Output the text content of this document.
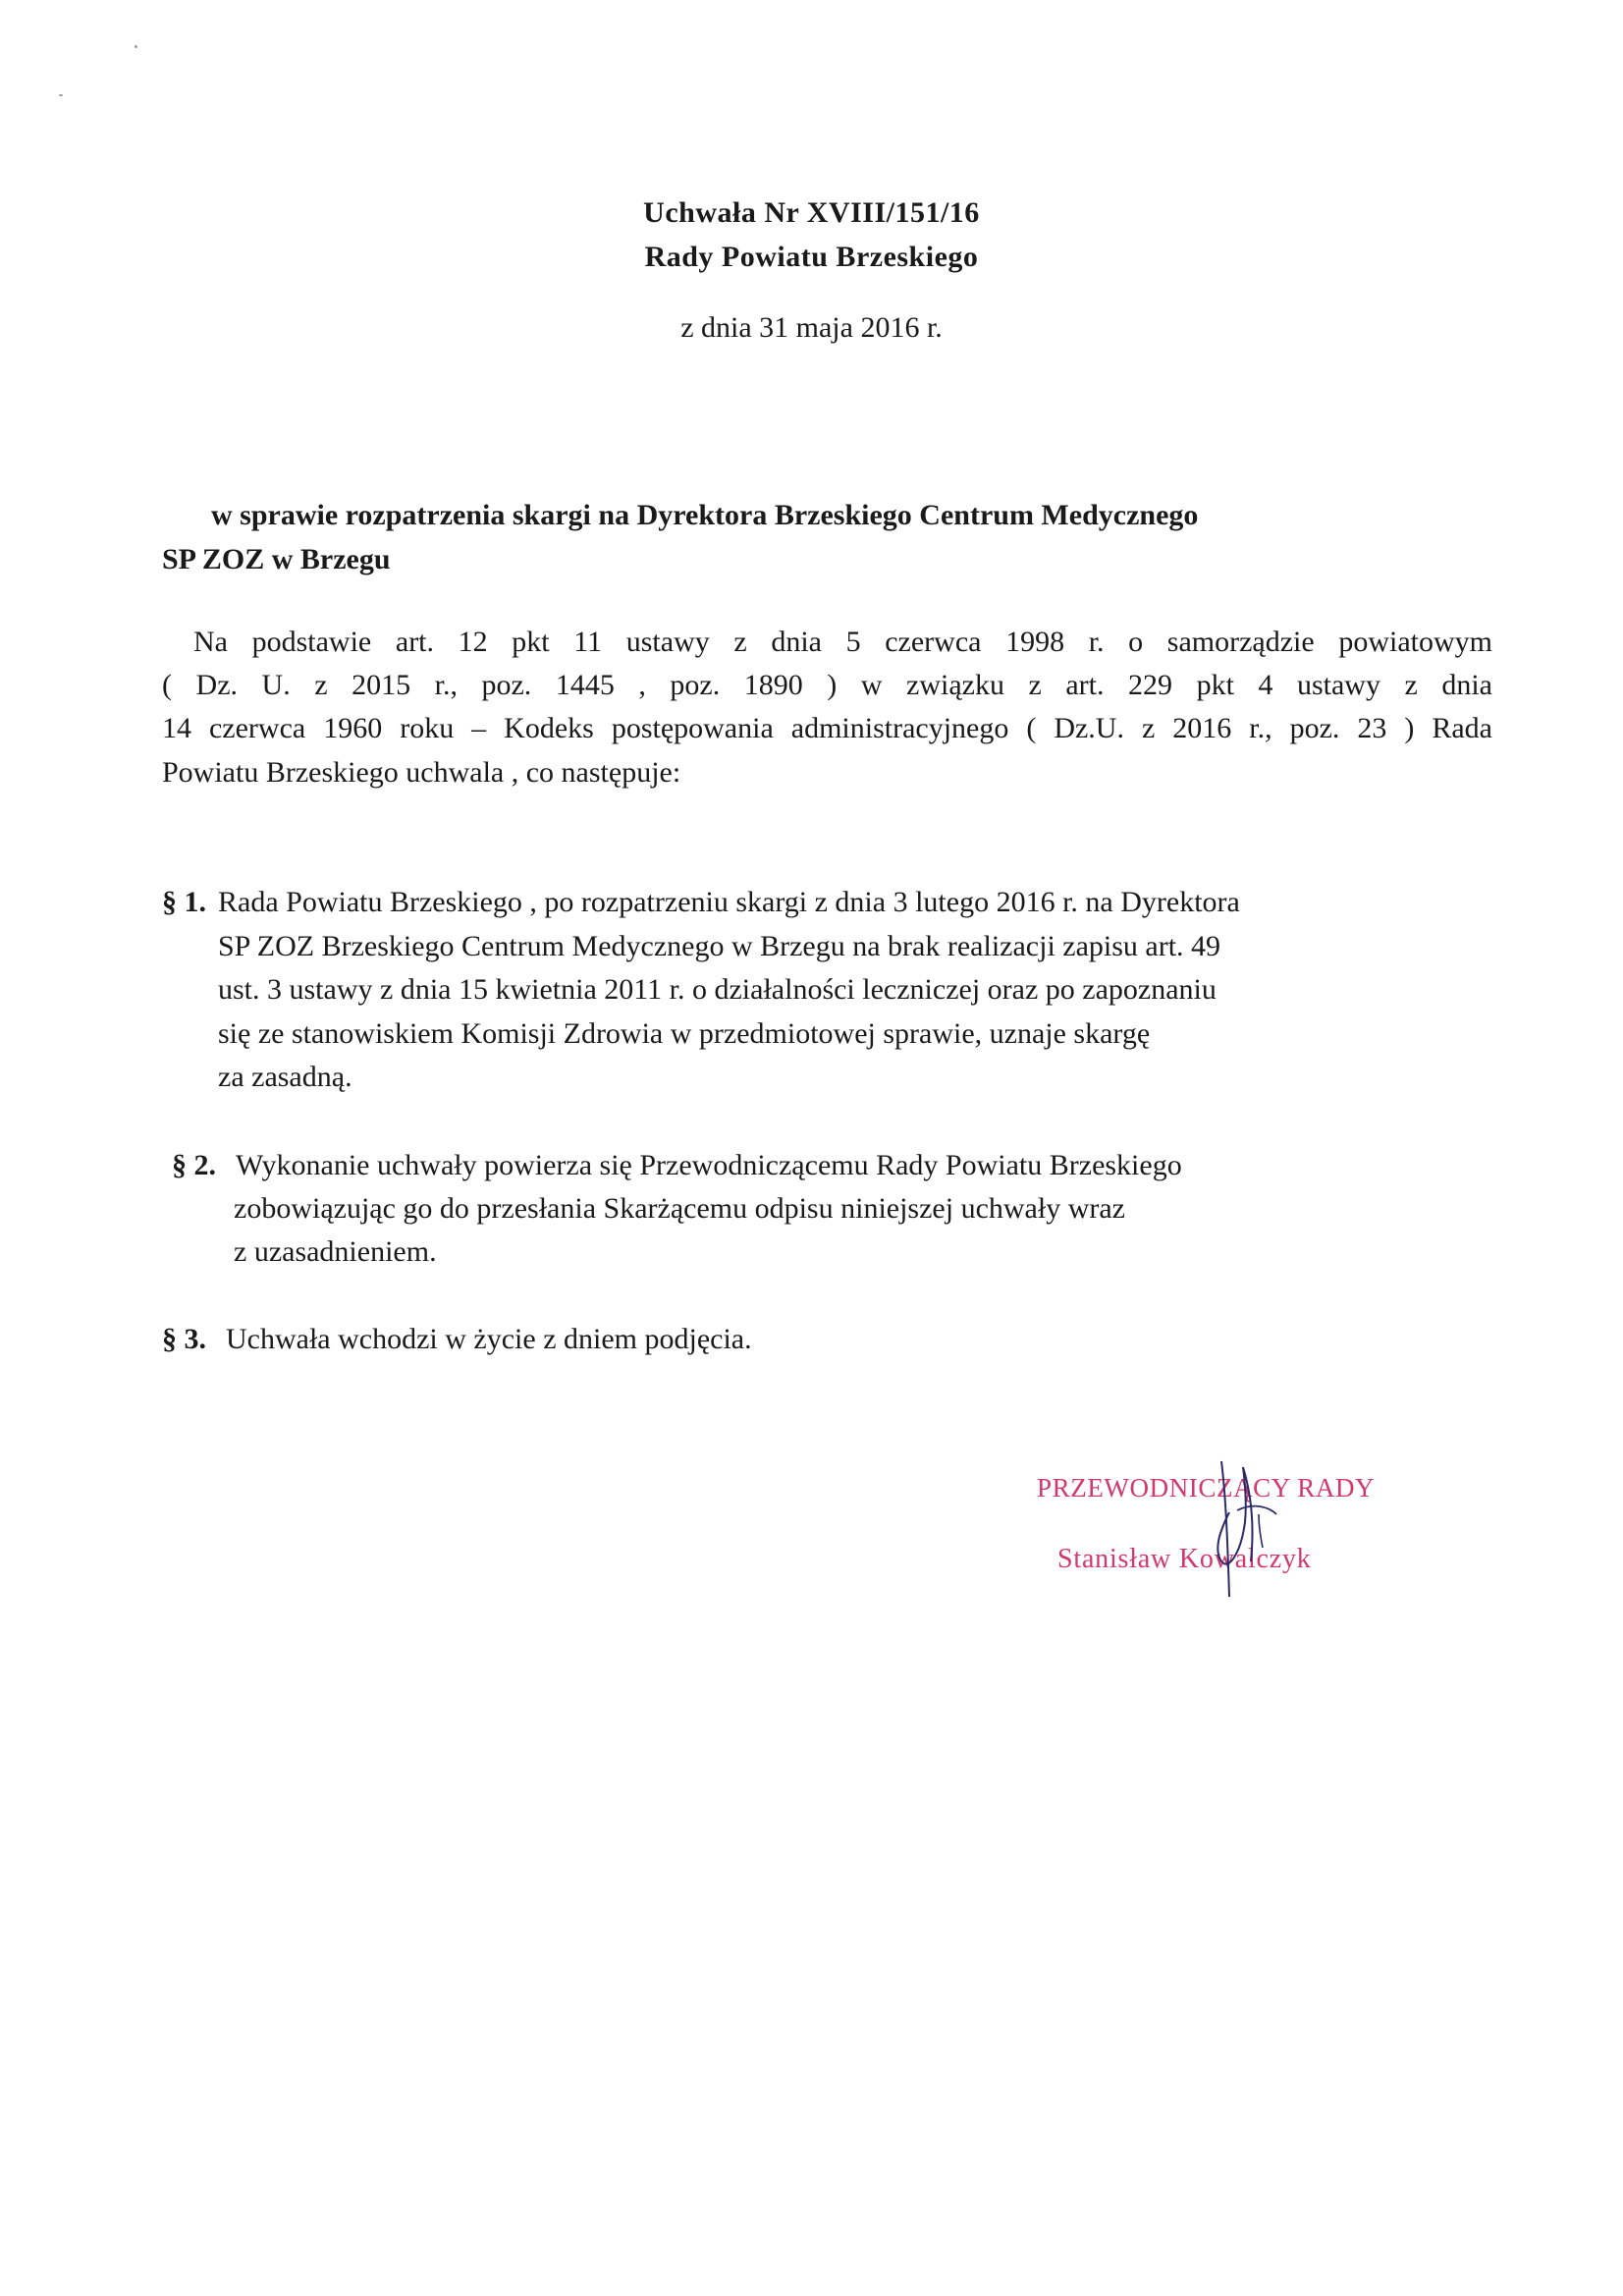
Uchwała Nr XVIII/151/16
Rady Powiatu Brzeskiego
z dnia 31 maja 2016 r.
w sprawie rozpatrzenia skargi na Dyrektora Brzeskiego Centrum Medycznego
SP ZOZ w Brzegu
Na podstawie art. 12 pkt 11 ustawy z dnia 5 czerwca 1998 r. o samorządzie powiatowym
( Dz. U. z 2015 r., poz. 1445 , poz. 1890 ) w związku z art. 229 pkt 4 ustawy z dnia
14 czerwca 1960 roku – Kodeks postępowania administracyjnego ( Dz.U. z 2016 r., poz. 23 ) Rada
Powiatu Brzeskiego uchwala , co następuje:
§ 1. Rada Powiatu Brzeskiego , po rozpatrzeniu skargi z dnia 3 lutego 2016 r. na Dyrektora
SP ZOZ Brzeskiego Centrum Medycznego w Brzegu na brak realizacji zapisu art. 49
ust. 3 ustawy z dnia 15 kwietnia 2011 r. o działalności leczniczej oraz po zapoznaniu
się ze stanowiskiem Komisji Zdrowia w przedmiotowej sprawie, uznaje skargę
za zasadną.
§ 2. Wykonanie uchwały powierza się Przewodniczącemu Rady Powiatu Brzeskiego
zobowiązując go do przesłania Skarżącemu odpisu niniejszej uchwały wraz
z uzasadnieniem.
§ 3. Uchwała wchodzi w życie z dniem podjęcia.
PRZEWODNICZĄCY RADY
Stanisław Kowalczyk
